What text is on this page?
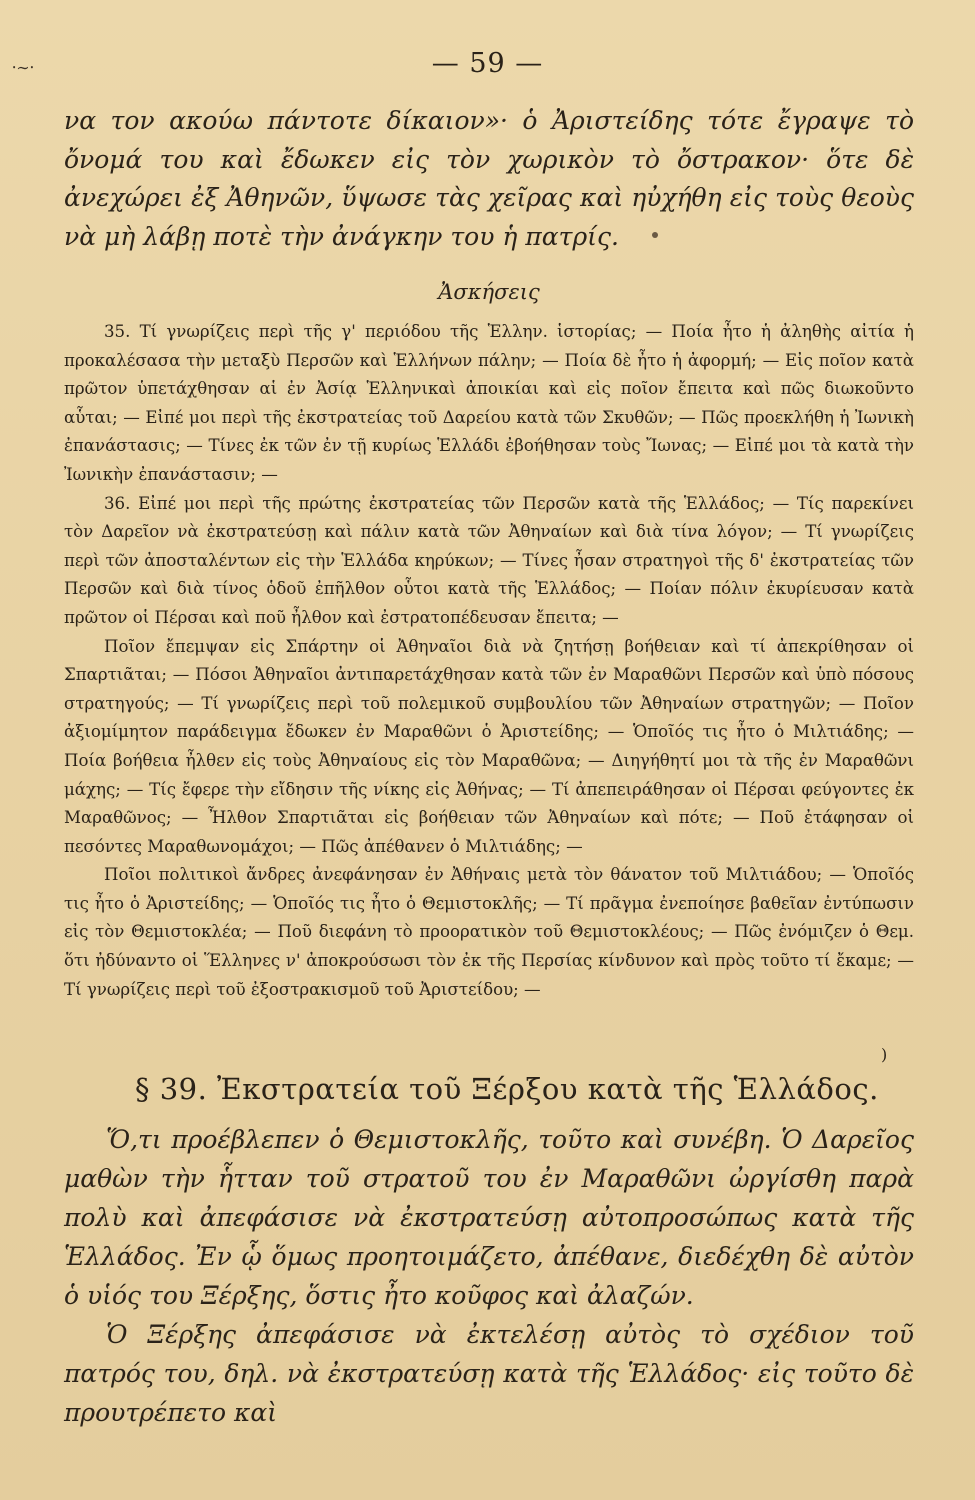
⸱∼⸱	— 59 —
να τον ακούω πάντοτε δίκαιον»· ὁ Ἀριστείδης τότε ἔγραψε τὸ ὄνομά του καὶ ἔδωκεν εἰς τὸν χωρικὸν τὸ ὄστρακον· ὅτε δὲ ἀνεχώρει ἐξ Ἀθηνῶν, ὕψωσε τὰς χεῖρας καὶ ηὐχήθη εἰς τοὺς θεοὺς νὰ μὴ λάβῃ ποτὲ τὴν ἀνάγκην του ἡ πατρίς.
Ἀσκήσεις

35. Τί γνωρίζεις περὶ τῆς γ' περιόδου τῆς Ἑλλην. ἱστορίας; — Ποία ἦτο ἡ ἀληθὴς αἰτία ἡ προκαλέσασα τὴν μεταξὺ Περσῶν καὶ Ἑλλήνων πάλην; — Ποία δὲ ἦτο ἡ ἀφορμή; — Εἰς ποῖον κατὰ πρῶτον ὑπετάχθησαν αἱ ἐν Ἀσίᾳ Ἑλληνικαὶ ἀποικίαι καὶ εἰς ποῖον ἔπειτα καὶ πῶς διωκοῦντο αὗται; — Εἰπέ μοι περὶ τῆς ἐκστρατείας τοῦ Δαρείου κατὰ τῶν Σκυθῶν; — Πῶς προεκλήθη ἡ Ἰωνικὴ ἐπανάστασις; — Τίνες ἐκ τῶν ἐν τῇ κυρίως Ἑλλάδι ἐβοήθησαν τοὺς Ἴωνας; — Εἰπέ μοι τὰ κατὰ τὴν Ἰωνικὴν ἐπανάστασιν; —

36. Εἰπέ μοι περὶ τῆς πρώτης ἐκστρατείας τῶν Περσῶν κατὰ τῆς Ἑλλάδος; — Τίς παρεκίνει τὸν Δαρεῖον νὰ ἐκστρατεύσῃ καὶ πάλιν κατὰ τῶν Ἀθηναίων καὶ διὰ τίνα λόγον; — Τί γνωρίζεις περὶ τῶν ἀποσταλέντων εἰς τὴν Ἑλλάδα κηρύκων; — Τίνες ἦσαν στρατηγοὶ τῆς δ' ἐκστρατείας τῶν Περσῶν καὶ διὰ τίνος ὁδοῦ ἐπῆλθον οὗτοι κατὰ τῆς Ἑλλάδος; — Ποίαν πόλιν ἐκυρίευσαν κατὰ πρῶτον οἱ Πέρσαι καὶ ποῦ ἦλθον καὶ ἐστρατοπέδευσαν ἔπειτα; —

Ποῖον ἔπεμψαν εἰς Σπάρτην οἱ Ἀθηναῖοι διὰ νὰ ζητήσῃ βοήθειαν καὶ τί ἀπεκρίθησαν οἱ Σπαρτιᾶται; — Πόσοι Ἀθηναῖοι ἀντιπαρετάχθησαν κατὰ τῶν ἐν Μαραθῶνι Περσῶν καὶ ὑπὸ πόσους στρατηγούς; — Τί γνωρίζεις περὶ τοῦ πολεμικοῦ συμβουλίου τῶν Ἀθηναίων στρατηγῶν; — Ποῖον ἀξιομίμητον παράδειγμα ἔδωκεν ἐν Μαραθῶνι ὁ Ἀριστείδης; — Ὁποῖός τις ἦτο ὁ Μιλτιάδης; — Ποία βοήθεια ἦλθεν εἰς τοὺς Ἀθηναίους εἰς τὸν Μαραθῶνα; — Διηγήθητί μοι τὰ τῆς ἐν Μαραθῶνι μάχης; — Τίς ἔφερε τὴν εἴδησιν τῆς νίκης εἰς Ἀθήνας; — Τί ἀπεπειράθησαν οἱ Πέρσαι φεύγοντες ἐκ Μαραθῶνος; — Ἦλθον Σπαρτιᾶται εἰς βοήθειαν τῶν Ἀθηναίων καὶ πότε; — Ποῦ ἐτάφησαν οἱ πεσόντες Μαραθωνομάχοι; — Πῶς ἀπέθανεν ὁ Μιλτιάδης; —

Ποῖοι πολιτικοὶ ἄνδρες ἀνεφάνησαν ἐν Ἀθήναις μετὰ τὸν θάνατον τοῦ Μιλτιάδου; — Ὁποῖός τις ἦτο ὁ Ἀριστείδης; — Ὁποῖός τις ἦτο ὁ Θεμιστοκλῆς; — Τί πρᾶγμα ἐνεποίησε βαθεῖαν ἐντύπωσιν εἰς τὸν Θεμιστοκλέα; — Ποῦ διεφάνη τὸ προορατικὸν τοῦ Θεμιστοκλέους; — Πῶς ἐνόμιζεν ὁ Θεμ. ὅτι ἠδύναντο οἱ Ἕλληνες ν' ἀποκρούσωσι τὸν ἐκ τῆς Περσίας κίνδυνον καὶ πρὸς τοῦτο τί ἔκαμε; — Τί γνωρίζεις περὶ τοῦ ἐξοστρακισμοῦ τοῦ Ἀριστείδου; —

)
§ 39. Ἐκστρατεία τοῦ Ξέρξου κατὰ τῆς Ἑλλάδος.

Ὅ,τι προέβλεπεν ὁ Θεμιστοκλῆς, τοῦτο καὶ συνέβη. Ὁ Δαρεῖος μαθὼν τὴν ἧτταν τοῦ στρατοῦ του ἐν Μαραθῶνι ὠργίσθη παρὰ πολὺ καὶ ἀπεφάσισε νὰ ἐκστρατεύσῃ αὐτοπροσώπως κατὰ τῆς Ἑλλάδος. Ἐν ᾧ ὅμως προητοιμάζετο, ἀπέθανε, διεδέχθη δὲ αὐτὸν ὁ υἱός του Ξέρξης, ὅστις ἦτο κοῦφος καὶ ἀλαζών.

Ὁ Ξέρξης ἀπεφάσισε νὰ ἐκτελέσῃ αὐτὸς τὸ σχέδιον τοῦ πατρός του, δηλ. νὰ ἐκστρατεύσῃ κατὰ τῆς Ἑλλάδος· εἰς τοῦτο δὲ προυτρέπετο καὶ
